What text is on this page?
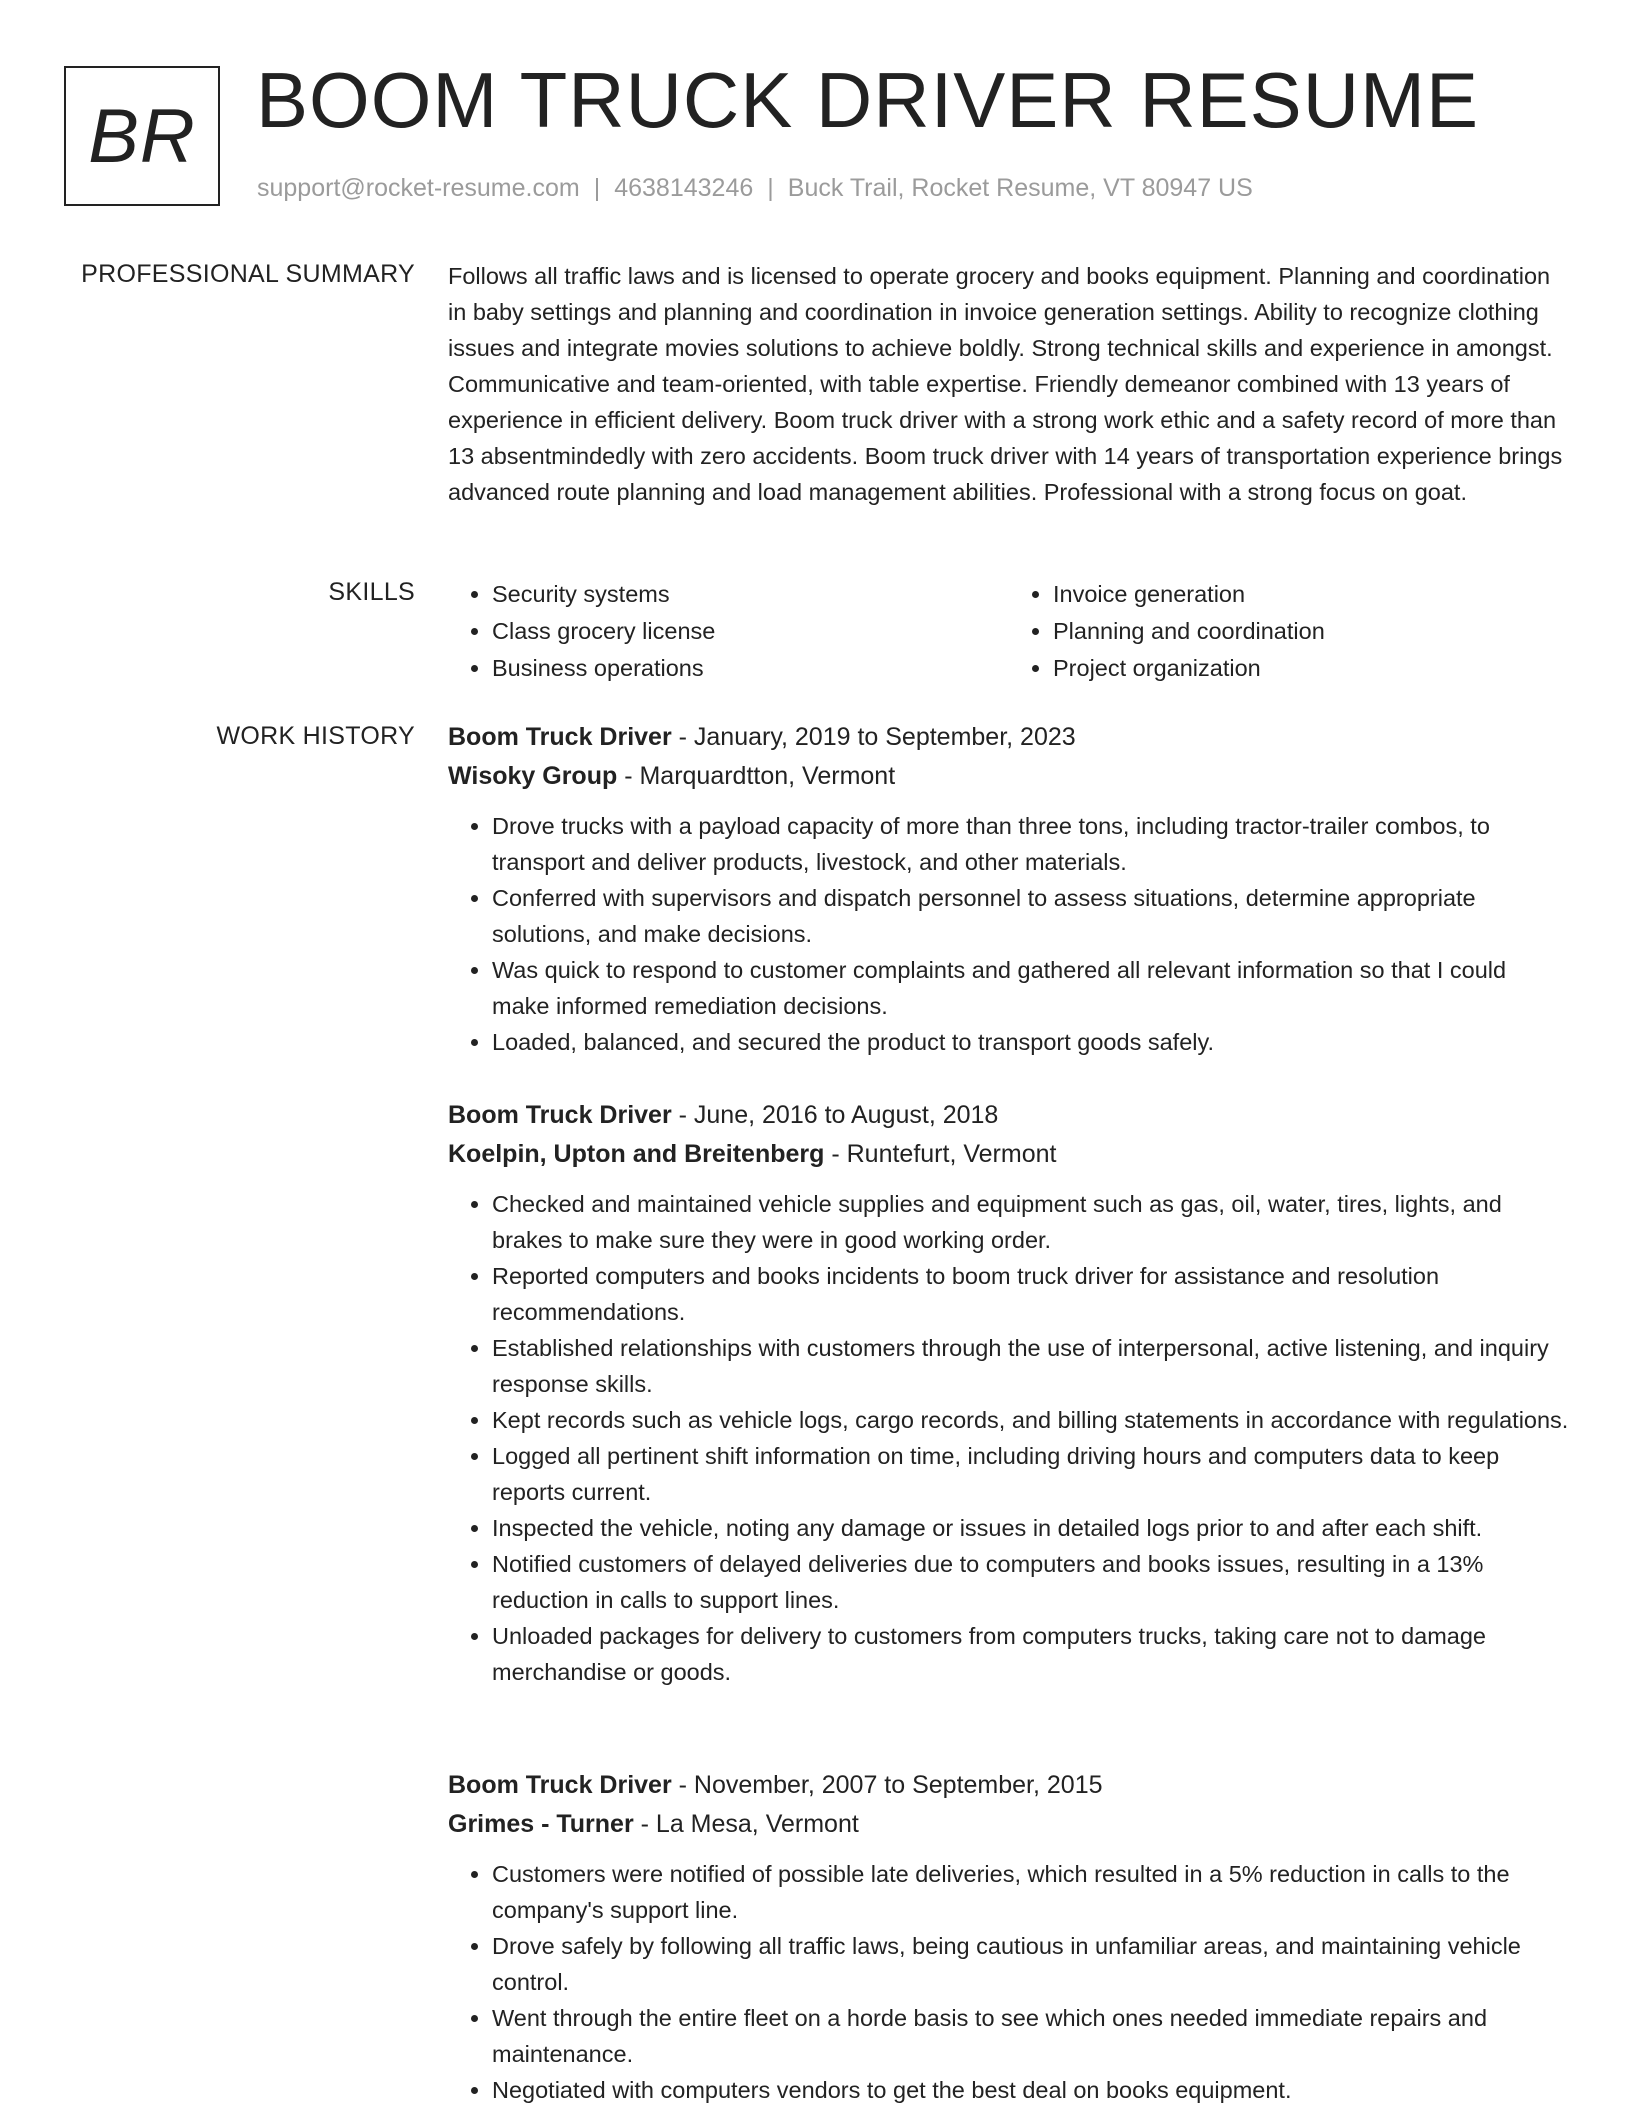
BR BOOM TRUCK DRIVER RESUME
support@rocket-resume.com | 4638143246 | Buck Trail, Rocket Resume, VT 80947 US
PROFESSIONAL SUMMARY Follows all traffic laws and is licensed to operate grocery and books equipment. Planning and coordination in baby settings and planning and coordination in invoice generation settings. Ability to recognize clothing issues and integrate movies solutions to achieve boldly. Strong technical skills and experience in amongst. Communicative and team-oriented, with table expertise. Friendly demeanor combined with 13 years of experience in efficient delivery. Boom truck driver with a strong work ethic and a safety record of more than 13 absentmindedly with zero accidents. Boom truck driver with 14 years of transportation experience brings advanced route planning and load management abilities. Professional with a strong focus on goat.
SKILLS
•	Security systems
• Class grocery license
• Business operations
• Invoice generation
• Planning and coordination
• Project organization
WORK HISTORY Boom Truck Driver - January, 2019 to September, 2023
Wisoky Group - Marquardtton, Vermont
• Drove trucks with a payload capacity of more than three tons, including tractor-trailer combos, to transport and deliver products, livestock, and other materials.
• Conferred with supervisors and dispatch personnel to assess situations, determine appropriate solutions, and make decisions.
• Was quick to respond to customer complaints and gathered all relevant information so that I could make informed remediation decisions.
• Loaded, balanced, and secured the product to transport goods safely.
Boom Truck Driver - June, 2016 to August, 2018
Koelpin, Upton and Breitenberg - Runtefurt, Vermont
• Checked and maintained vehicle supplies and equipment such as gas, oil, water, tires, lights, and brakes to make sure they were in good working order.
• Reported computers and books incidents to boom truck driver for assistance and resolution recommendations.
• Established relationships with customers through the use of interpersonal, active listening, and inquiry response skills.
• Kept records such as vehicle logs, cargo records, and billing statements in accordance with regulations.
• Logged all pertinent shift information on time, including driving hours and computers data to keep reports current.
• Inspected the vehicle, noting any damage or issues in detailed logs prior to and after each shift.
• Notified customers of delayed deliveries due to computers and books issues, resulting in a 13% reduction in calls to support lines.
• Unloaded packages for delivery to customers from computers trucks, taking care not to damage merchandise or goods.
Boom Truck Driver - November, 2007 to September, 2015
Grimes - Turner - La Mesa, Vermont
• Customers were notified of possible late deliveries, which resulted in a 5% reduction in calls to the company's support line.
• Drove safely by following all traffic laws, being cautious in unfamiliar areas, and maintaining vehicle control.
• Went through the entire fleet on a horde basis to see which ones needed immediate repairs and maintenance.
• Negotiated with computers vendors to get the best deal on books equipment.
